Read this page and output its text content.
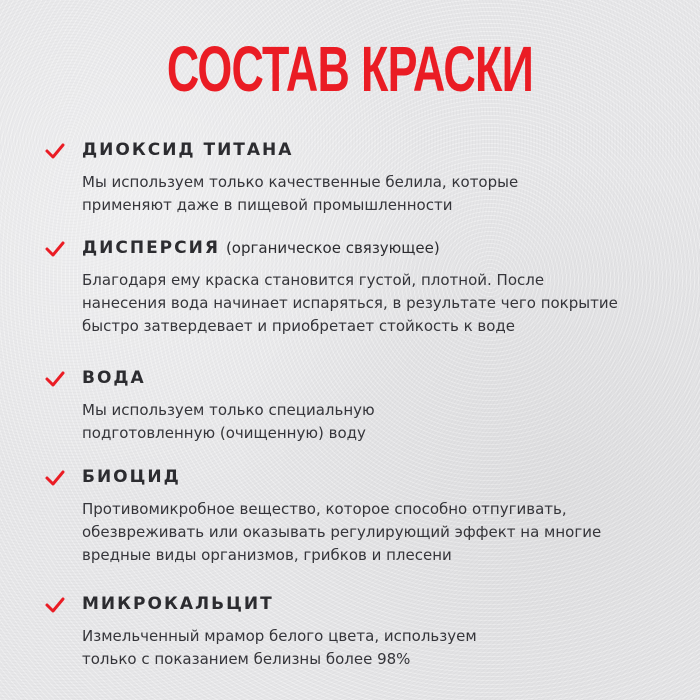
СОСТАВ КРАСКИ
ДИОКСИД ТИТАНА
Мы используем только качественные белила, которые
применяют даже в пищевой промышленности
ДИСПЕРСИЯ (органическое связующее)
Благодаря ему краска становится густой, плотной. После
нанесения вода начинает испаряться, в результате чего покрытие
быстро затвердевает и приобретает стойкость к воде
ВОДА
Мы используем только специальную
подготовленную (очищенную) воду
БИОЦИД
Противомикробное вещество, которое способно отпугивать,
обезвреживать или оказывать регулирующий эффект на многие
вредные виды организмов, грибков и плесени
МИКРОКАЛЬЦИТ
Измельченный мрамор белого цвета, используем
только с показанием белизны более 98%
